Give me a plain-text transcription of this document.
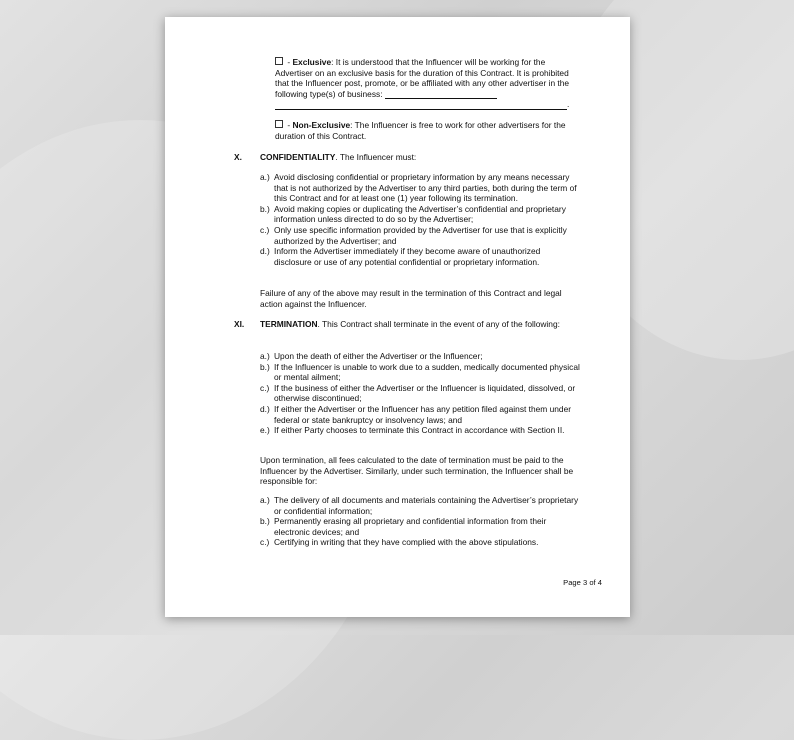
- Exclusive: It is understood that the Influencer will be working for the Advertiser on an exclusive basis for the duration of this Contract. It is prohibited that the Influencer post, promote, or be affiliated with any other advertiser in the following type(s) of business:
.
- Non-Exclusive: The Influencer is free to work for other advertisers for the duration of this Contract.
X. CONFIDENTIALITY. The Influencer must:
a.) Avoid disclosing confidential or proprietary information by any means necessary that is not authorized by the Advertiser to any third parties, both during the term of this Contract and for at least one (1) year following its termination.
b.) Avoid making copies or duplicating the Advertiser’s confidential and proprietary information unless directed to do so by the Advertiser;
c.) Only use specific information provided by the Advertiser for use that is explicitly authorized by the Advertiser; and
d.) Inform the Advertiser immediately if they become aware of unauthorized disclosure or use of any potential confidential or proprietary information.
Failure of any of the above may result in the termination of this Contract and legal action against the Influencer.
XI. TERMINATION. This Contract shall terminate in the event of any of the following:
a.) Upon the death of either the Advertiser or the Influencer;
b.) If the Influencer is unable to work due to a sudden, medically documented physical or mental ailment;
c.) If the business of either the Advertiser or the Influencer is liquidated, dissolved, or otherwise discontinued;
d.) If either the Advertiser or the Influencer has any petition filed against them under federal or state bankruptcy or insolvency laws; and
e.) If either Party chooses to terminate this Contract in accordance with Section II.
Upon termination, all fees calculated to the date of termination must be paid to the Influencer by the Advertiser. Similarly, under such termination, the Influencer shall be responsible for:
a.) The delivery of all documents and materials containing the Advertiser’s proprietary or confidential information;
b.) Permanently erasing all proprietary and confidential information from their electronic devices; and
c.) Certifying in writing that they have complied with the above stipulations.
Page 3 of 4
